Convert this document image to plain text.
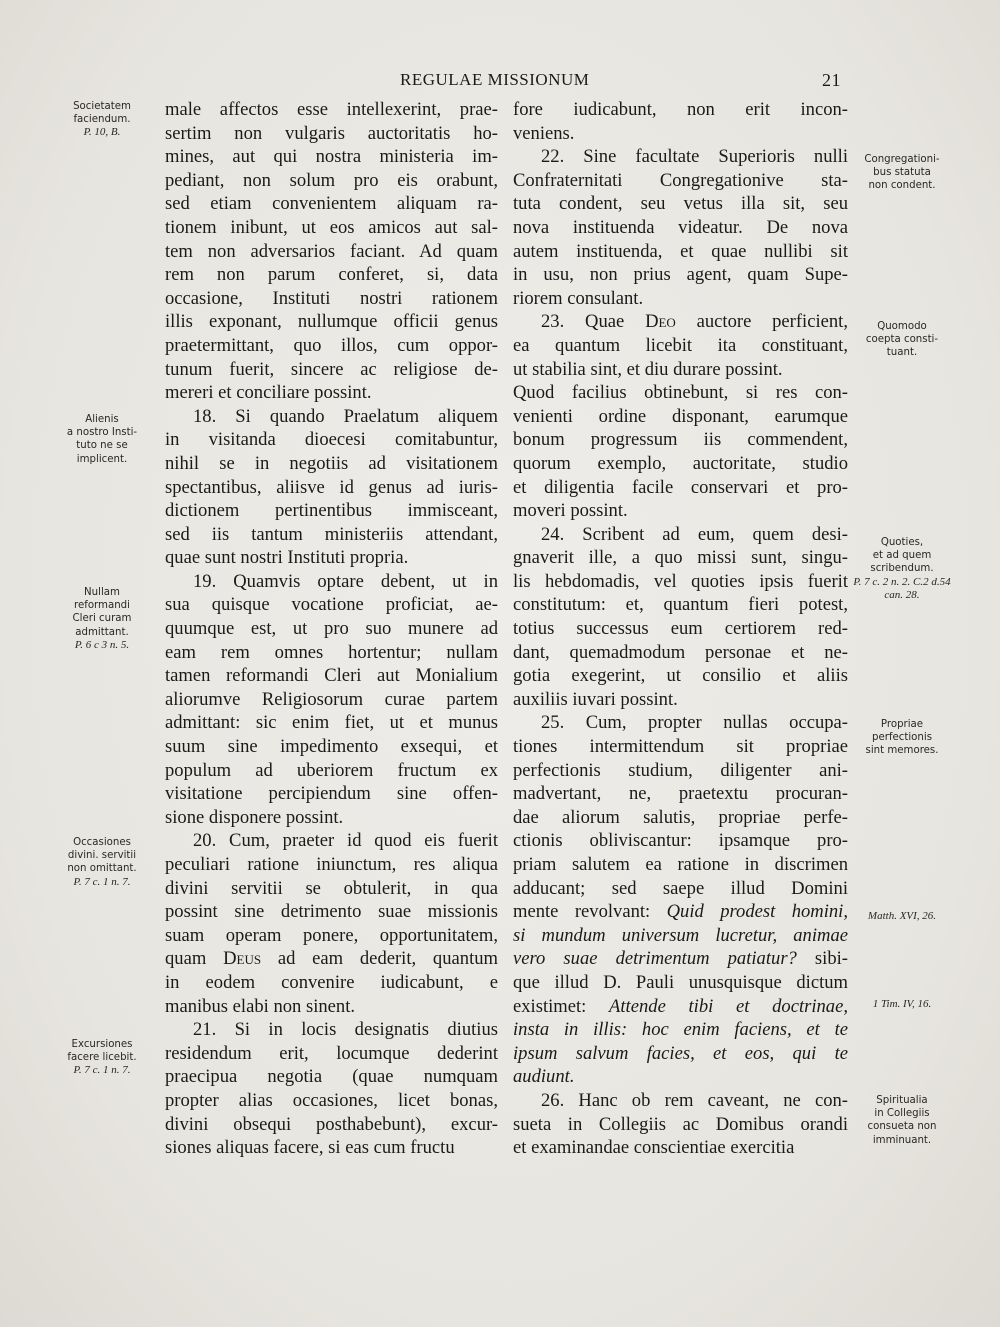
REGULAE MISSIONUM	21
male affectos esse intellexerint, prae-
sertim non vulgaris auctoritatis ho-
mines, aut qui nostra ministeria im-
pediant, non solum pro eis orabunt,
sed etiam convenientem aliquam ra-
tionem inibunt, ut eos amicos aut sal-
tem non adversarios faciant. Ad quam
rem non parum conferet, si, data
occasione, Instituti nostri rationem
illis exponant, nullumque officii genus
praetermittant, quo illos, cum oppor-
tunum fuerit, sincere ac religiose de-
mereri et conciliare possint.
18. Si quando Praelatum aliquem
in visitanda dioecesi comitabuntur,
nihil se in negotiis ad visitationem
spectantibus, aliisve id genus ad iuris-
dictionem pertinentibus immisceant,
sed iis tantum ministeriis attendant,
quae sunt nostri Instituti propria.
19. Quamvis optare debent, ut in
sua quisque vocatione proficiat, ae-
quumque est, ut pro suo munere ad
eam rem omnes hortentur; nullam
tamen reformandi Cleri aut Monialium
aliorumve Religiosorum curae partem
admittant: sic enim fiet, ut et munus
suum sine impedimento exsequi, et
populum ad uberiorem fructum ex
visitatione percipiendum sine offen-
sione disponere possint.
20. Cum, praeter id quod eis fuerit
peculiari ratione iniunctum, res aliqua
divini servitii se obtulerit, in qua
possint sine detrimento suae missionis
suam operam ponere, opportunitatem,
quam Deus ad eam dederit, quantum
in eodem convenire iudicabunt, e
manibus elabi non sinent.
21. Si in locis designatis diutius
residendum erit, locumque dederint
praecipua negotia (quae numquam
propter alias occasiones, licet bonas,
divini obsequi posthabebunt), excur-
siones aliquas facere, si eas cum fructu
fore iudicabunt, non erit incon-
veniens.
22. Sine facultate Superioris nulli
Confraternitati Congregationive sta-
tuta condent, seu vetus illa sit, seu
nova instituenda videatur. De nova
autem instituenda, et quae nullibi sit
in usu, non prius agent, quam Supe-
riorem consulant.
23. Quae Deo auctore perficient,
ea quantum licebit ita constituant,
ut stabilia sint, et diu durare possint.
Quod facilius obtinebunt, si res con-
venienti ordine disponant, earumque
bonum progressum iis commendent,
quorum exemplo, auctoritate, studio
et diligentia facile conservari et pro-
moveri possint.
24. Scribent ad eum, quem desi-
gnaverit ille, a quo missi sunt, singu-
lis hebdomadis, vel quoties ipsis fuerit
constitutum: et, quantum fieri potest,
totius successus eum certiorem red-
dant, quemadmodum personae et ne-
gotia exegerint, ut consilio et aliis
auxiliis iuvari possint.
25. Cum, propter nullas occupa-
tiones intermittendum sit propriae
perfectionis studium, diligenter ani-
madvertant, ne, praetextu procuran-
dae aliorum salutis, propriae perfe-
ctionis obliviscantur: ipsamque pro-
priam salutem ea ratione in discrimen
adducant; sed saepe illud Domini
mente revolvant: Quid prodest homini,
si mundum universum lucretur, animae
vero suae detrimentum patiatur? sibi-
que illud D. Pauli unusquisque dictum
existimet: Attende tibi et doctrinae,
insta in illis: hoc enim faciens, et te
ipsum salvum facies, et eos, qui te
audiunt.
26. Hanc ob rem caveant, ne con-
sueta in Collegiis ac Domibus orandi
et examinandae conscientiae exercitia
Societatem
faciendum.
P. 10, B.
Alienis
a nostro Insti-
tuto ne se
implicent.
Nullam
reformandi
Cleri curam
admittant.
P. 6 c 3 n. 5.
Occasiones
divini. servitii
non omittant.
P. 7 c. 1 n. 7.
Excursiones
facere licebit.
P. 7 c. 1 n. 7.
Congregationi-
bus statuta
non condent.
Quomodo
coepta consti-
tuant.
Quoties,
et ad quem
scribendum.
P. 7 c. 2 n. 2. C.2 d.54 can. 28.
Propriae
perfectionis
sint memores.
Matth. XVI, 26.
1 Tim. IV, 16.
Spiritualia
in Collegiis
consueta non
imminuant.
